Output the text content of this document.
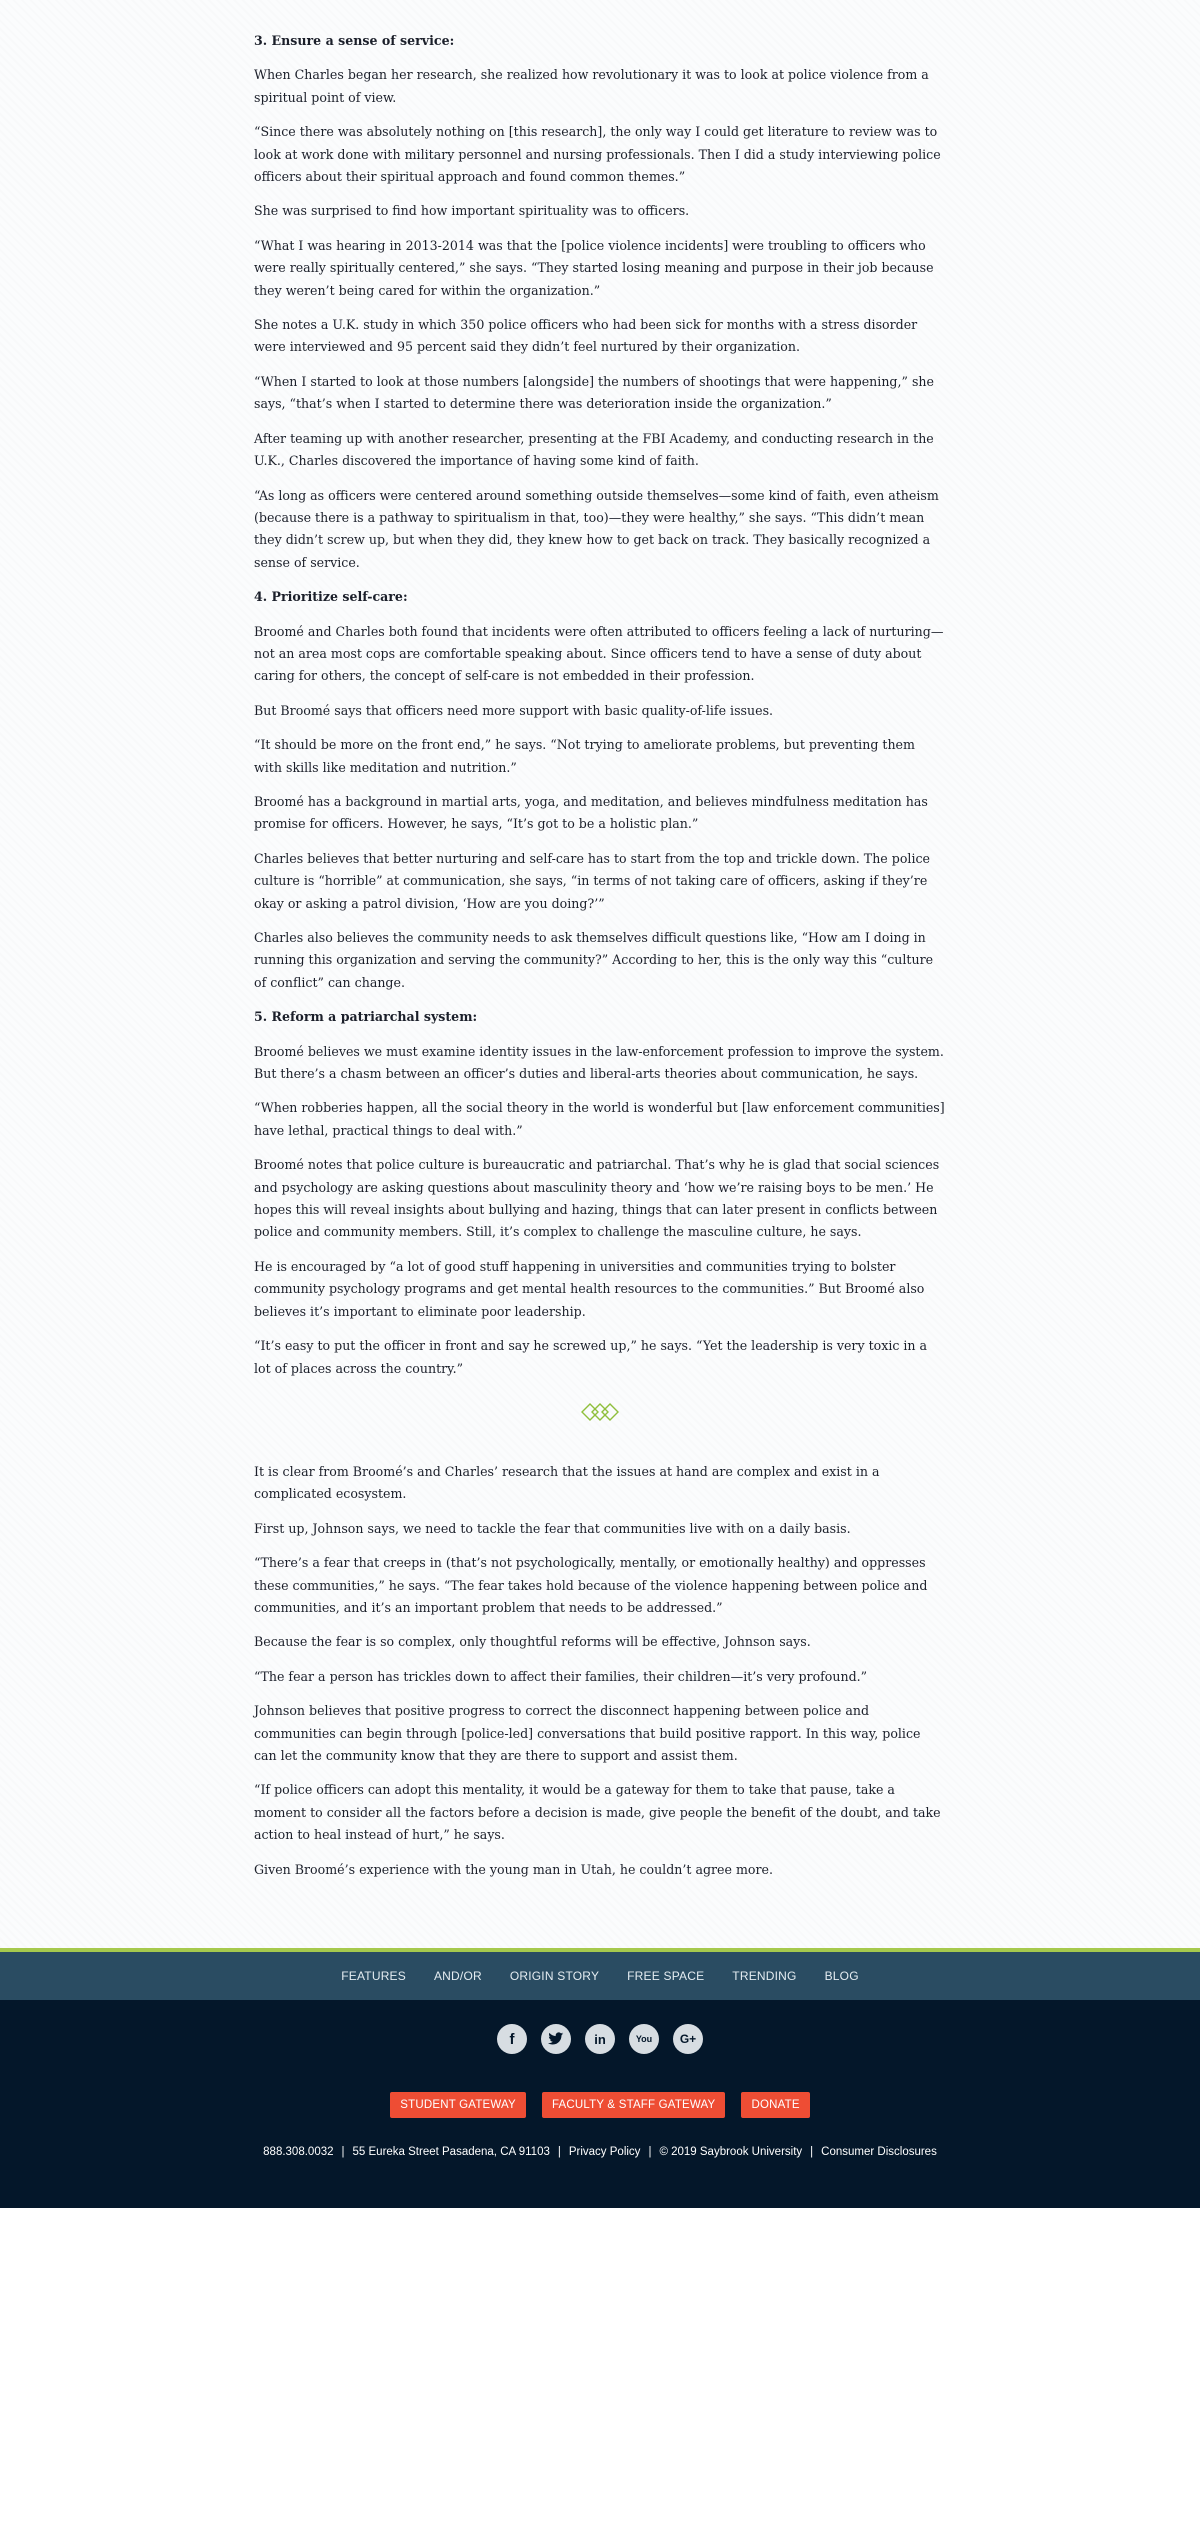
3. Ensure a sense of service:

When Charles began her research, she realized how revolutionary it was to look at police violence from a spiritual point of view.

“Since there was absolutely nothing on [this research], the only way I could get literature to review was to look at work done with military personnel and nursing professionals. Then I did a study interviewing police officers about their spiritual approach and found common themes.”

She was surprised to find how important spirituality was to officers.

“What I was hearing in 2013-2014 was that the [police violence incidents] were troubling to officers who were really spiritually centered,” she says. “They started losing meaning and purpose in their job because they weren’t being cared for within the organization.”

She notes a U.K. study in which 350 police officers who had been sick for months with a stress disorder were interviewed and 95 percent said they didn’t feel nurtured by their organization.

“When I started to look at those numbers [alongside] the numbers of shootings that were happening,” she says, “that’s when I started to determine there was deterioration inside the organization.”

After teaming up with another researcher, presenting at the FBI Academy, and conducting research in the U.K., Charles discovered the importance of having some kind of faith.

“As long as officers were centered around something outside themselves—some kind of faith, even atheism (because there is a pathway to spiritualism in that, too)—they were healthy,” she says. “This didn’t mean they didn’t screw up, but when they did, they knew how to get back on track. They basically recognized a sense of service.

4. Prioritize self-care:

Broomé and Charles both found that incidents were often attributed to officers feeling a lack of nurturing—not an area most cops are comfortable speaking about. Since officers tend to have a sense of duty about caring for others, the concept of self-care is not embedded in their profession.

But Broomé says that officers need more support with basic quality-of-life issues.

“It should be more on the front end,” he says. “Not trying to ameliorate problems, but preventing them with skills like meditation and nutrition.”

Broomé has a background in martial arts, yoga, and meditation, and believes mindfulness meditation has promise for officers. However, he says, “It’s got to be a holistic plan.”

Charles believes that better nurturing and self-care has to start from the top and trickle down. The police culture is “horrible” at communication, she says, “in terms of not taking care of officers, asking if they’re okay or asking a patrol division, ‘How are you doing?’”

Charles also believes the community needs to ask themselves difficult questions like, “How am I doing in running this organization and serving the community?” According to her, this is the only way this “culture of conflict” can change.

5. Reform a patriarchal system:

Broomé believes we must examine identity issues in the law-enforcement profession to improve the system. But there’s a chasm between an officer’s duties and liberal-arts theories about communication, he says.

“When robberies happen, all the social theory in the world is wonderful but [law enforcement communities] have lethal, practical things to deal with.”

Broomé notes that police culture is bureaucratic and patriarchal. That’s why he is glad that social sciences and psychology are asking questions about masculinity theory and ‘how we’re raising boys to be men.’ He hopes this will reveal insights about bullying and hazing, things that can later present in conflicts between police and community members. Still, it’s complex to challenge the masculine culture, he says.

He is encouraged by “a lot of good stuff happening in universities and communities trying to bolster community psychology programs and get mental health resources to the communities.” But Broomé also believes it’s important to eliminate poor leadership.

“It’s easy to put the officer in front and say he screwed up,” he says. “Yet the leadership is very toxic in a lot of places across the country.”

It is clear from Broomé’s and Charles’ research that the issues at hand are complex and exist in a complicated ecosystem.

First up, Johnson says, we need to tackle the fear that communities live with on a daily basis.

“There’s a fear that creeps in (that’s not psychologically, mentally, or emotionally healthy) and oppresses these communities,” he says. “The fear takes hold because of the violence happening between police and communities, and it’s an important problem that needs to be addressed.”

Because the fear is so complex, only thoughtful reforms will be effective, Johnson says.

“The fear a person has trickles down to affect their families, their children—it’s very profound.”

Johnson believes that positive progress to correct the disconnect happening between police and communities can begin through [police-led] conversations that build positive rapport. In this way, police can let the community know that they are there to support and assist them.

“If police officers can adopt this mentality, it would be a gateway for them to take that pause, take a moment to consider all the factors before a decision is made, give people the benefit of the doubt, and take action to heal instead of hurt,” he says.

Given Broomé’s experience with the young man in Utah, he couldn’t agree more.

FEATURES AND/OR ORIGIN STORY FREE SPACE TRENDING BLOG
f	in	You	G+
STUDENT GATEWAY	FACULTY & STAFF GATEWAY	DONATE
888.308.0032 | 55 Eureka Street Pasadena, CA 91103 | Privacy Policy | © 2019 Saybrook University | Consumer Disclosures
